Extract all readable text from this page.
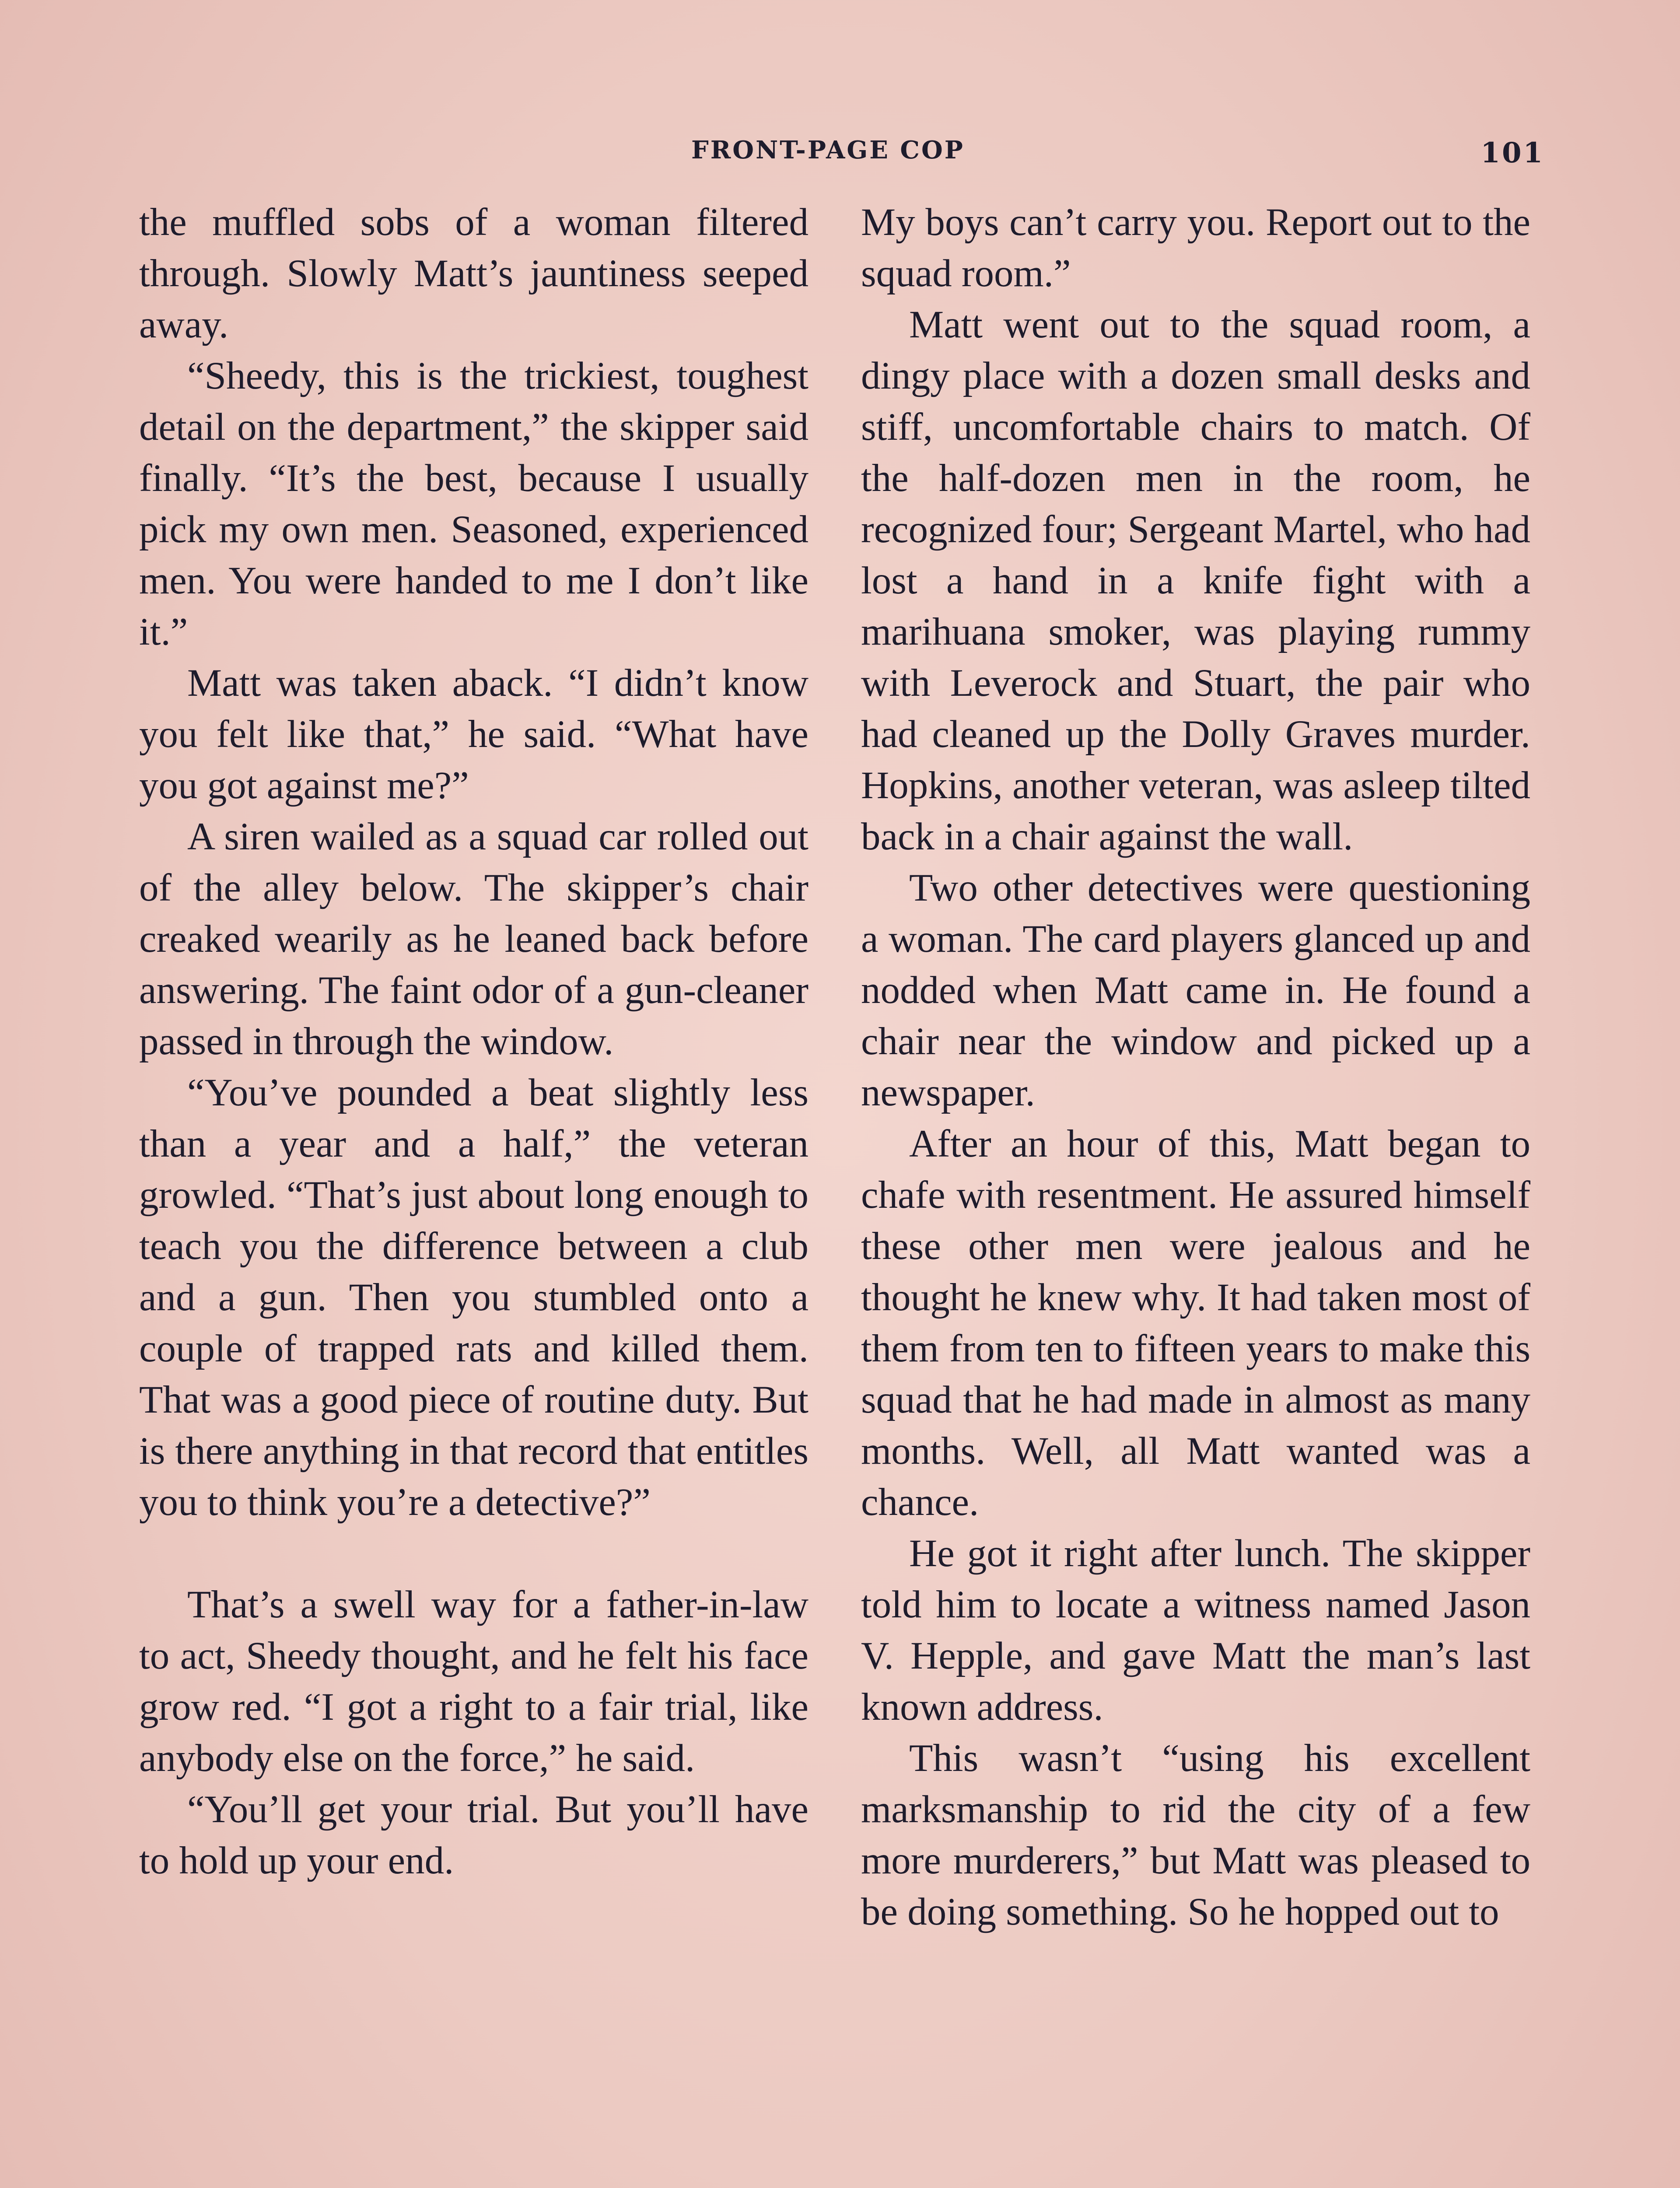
FRONT-PAGE COP	101

the muffled sobs of a woman filtered through. Slowly Matt’s jauntiness seeped away.

“Sheedy, this is the trickiest, toughest detail on the department,” the skipper said finally. “It’s the best, because I usually pick my own men. Seasoned, experienced men. You were handed to me I don’t like it.”

Matt was taken aback. “I didn’t know you felt like that,” he said. “What have you got against me?”

A siren wailed as a squad car rolled out of the alley below. The skipper’s chair creaked wearily as he leaned back before answering. The faint odor of a gun-cleaner passed in through the window.

“You’ve pounded a beat slightly less than a year and a half,” the veteran growled. “That’s just about long enough to teach you the difference between a club and a gun. Then you stumbled onto a couple of trapped rats and killed them. That was a good piece of routine duty. But is there anything in that record that entitles you to think you’re a detective?”

That’s a swell way for a father-in-law to act, Sheedy thought, and he felt his face grow red. “I got a right to a fair trial, like anybody else on the force,” he said.

“You’ll get your trial. But you’ll have to hold up your end.

My boys can’t carry you. Report out to the squad room.”

Matt went out to the squad room, a dingy place with a dozen small desks and stiff, uncomfortable chairs to match. Of the half-dozen men in the room, he recognized four; Sergeant Martel, who had lost a hand in a knife fight with a marihuana smoker, was playing rummy with Leverock and Stuart, the pair who had cleaned up the Dolly Graves murder. Hopkins, another veteran, was asleep tilted back in a chair against the wall.

Two other detectives were questioning a woman. The card players glanced up and nodded when Matt came in. He found a chair near the window and picked up a newspaper.

After an hour of this, Matt began to chafe with resentment. He assured himself these other men were jealous and he thought he knew why. It had taken most of them from ten to fifteen years to make this squad that he had made in almost as many months. Well, all Matt wanted was a chance.

He got it right after lunch. The skipper told him to locate a witness named Jason V. Hepple, and gave Matt the man’s last known address.

This wasn’t “using his excellent marksmanship to rid the city of a few more murderers,” but Matt was pleased to be doing something. So he hopped out to
